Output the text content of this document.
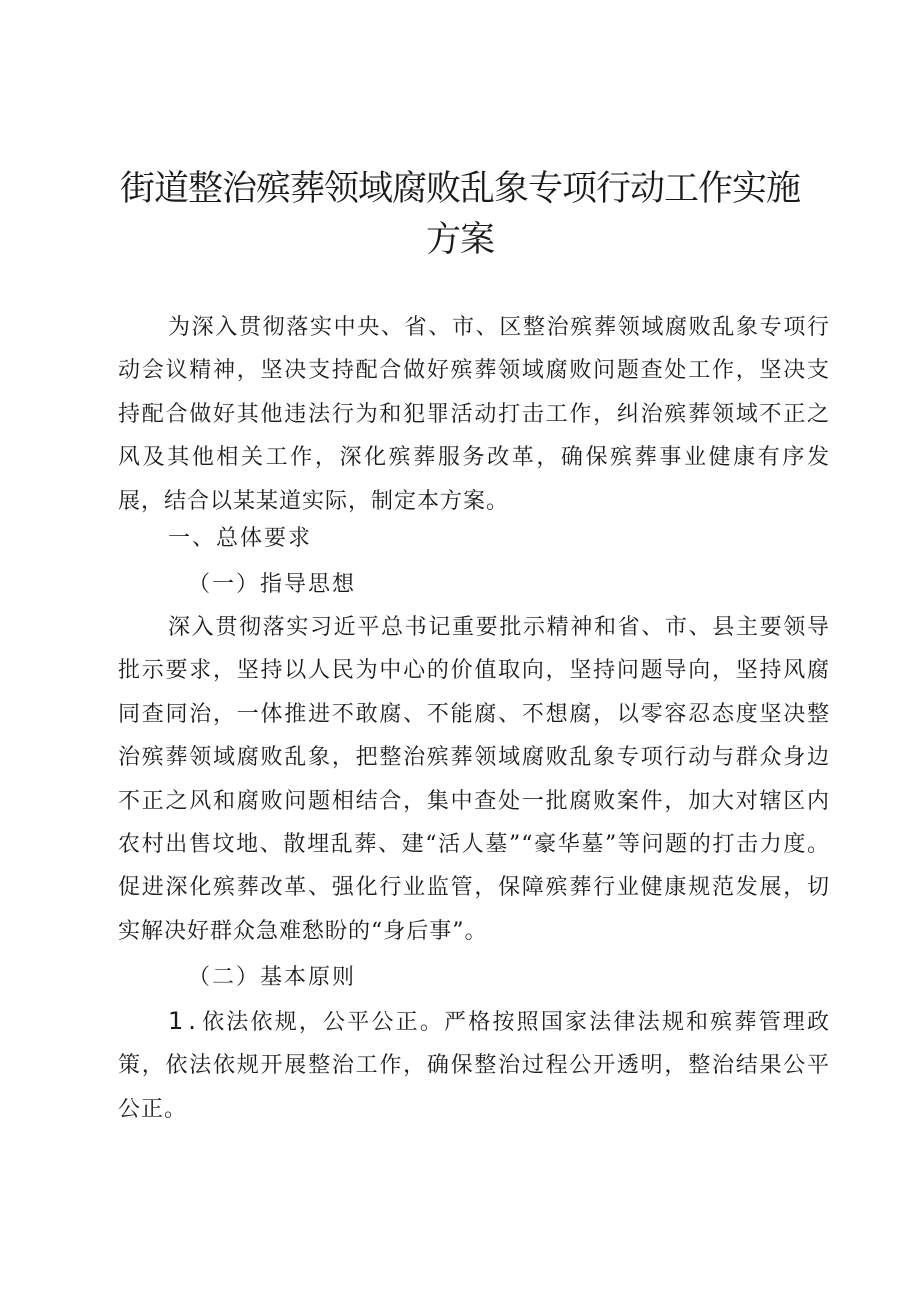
街道整治殡葬领域腐败乱象专项行动工作实施
方案

为深入贯彻落实中央、省、市、区整治殡葬领域腐败乱象专项行动会议精神，坚决支持配合做好殡葬领域腐败问题查处工作，坚决支持配合做好其他违法行为和犯罪活动打击工作，纠治殡葬领域不正之风及其他相关工作，深化殡葬服务改革，确保殡葬事业健康有序发展，结合以某某道实际，制定本方案。

一、总体要求

（一）指导思想

深入贯彻落实习近平总书记重要批示精神和省、市、县主要领导批示要求，坚持以人民为中心的价值取向，坚持问题导向，坚持风腐同查同治，一体推进不敢腐、不能腐、不想腐，以零容忍态度坚决整治殡葬领域腐败乱象，把整治殡葬领域腐败乱象专项行动与群众身边不正之风和腐败问题相结合，集中查处一批腐败案件，加大对辖区内农村出售坟地、散埋乱葬、建“活人墓”“豪华墓”等问题的打击力度。促进深化殡葬改革、强化行业监管，保障殡葬行业健康规范发展，切实解决好群众急难愁盼的“身后事”。

（二）基本原则

1.依法依规，公平公正。严格按照国家法律法规和殡葬管理政策，依法依规开展整治工作，确保整治过程公开透明，整治结果公平公正。
